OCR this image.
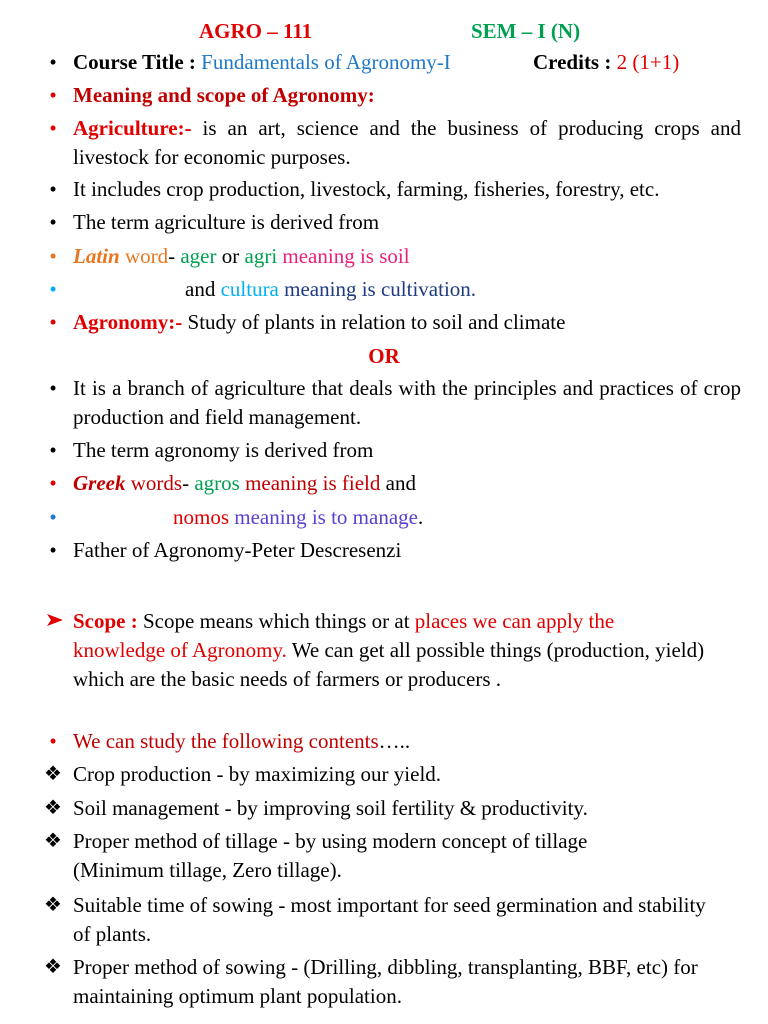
AGRO – 111	SEM – I (N)
• Course Title : Fundamentals of Agronomy-I	Credits : 2 (1+1)
• Meaning and scope of Agronomy:
• Agriculture:- is an art, science and the business of producing crops and livestock for economic purposes.
• It includes crop production, livestock, farming, fisheries, forestry, etc.
• The term agriculture is derived from
• Latin word- ager or agri meaning is soil
•	and cultura meaning is cultivation.
• Agronomy:- Study of plants in relation to soil and climate
OR
• It is a branch of agriculture that deals with the principles and practices of crop production and field management.
• The term agronomy is derived from
• Greek words- agros meaning is field and
•	nomos meaning is to manage.
• Father of Agronomy-Peter Descresenzi
Scope : Scope means which things or at places we can apply the knowledge of Agronomy. We can get all possible things (production, yield) which are the basic needs of farmers or producers .
• We can study the following contents…..
❖ Crop production - by maximizing our yield.
❖ Soil management - by improving soil fertility & productivity.
❖ Proper method of tillage - by using modern concept of tillage (Minimum tillage, Zero tillage).
❖ Suitable time of sowing - most important for seed germination and stability of plants.
❖ Proper method of sowing - (Drilling, dibbling, transplanting, BBF, etc) for maintaining optimum plant population.
